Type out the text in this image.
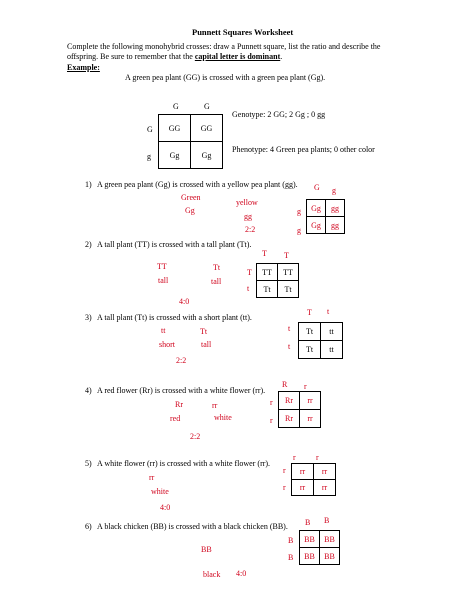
Punnett Squares Worksheet
Complete the following monohybrid crosses: draw a Punnett square, list the ratio and describe the
offspring. Be sure to remember that the capital letter is dominant.
Example:
A green pea plant (GG) is crossed with a green pea plant (Gg).
G	G
G
g
GG	GG
Gg	Gg
Genotype: 2 GG; 2 Gg ; 0 gg
Phenotype: 4 Green pea plants; 0 other color
1) A green pea plant (Gg) is crossed with a yellow pea plant (gg).
Green
Gg
yellow
gg
2:2
G g
g
g
Gg	gg
Gg	gg
2) A tall plant (TT) is crossed with a tall plant (Tt).
TT
tall
Tt
tall
4:0
T T
T
t
TT	TT
Tt	Tt
3) A tall plant (Tt) is crossed with a short plant (tt).
tt
short
Tt
tall
2:2
T t
t
t
Tt	tt
Tt	tt
4) A red flower (Rr) is crossed with a white flower (rr).
Rr
red
rr
white
2:2
R r
r
r
Rr	rr
Rr	rr
5) A white flower (rr) is crossed with a white flower (rr).
rr
white
4:0
r	r
r
r
rr	rr
rr	rr
6) A black chicken (BB) is crossed with a black chicken (BB).
BB
black 4:0
B B
B
B
BB	BB
BB	BB
